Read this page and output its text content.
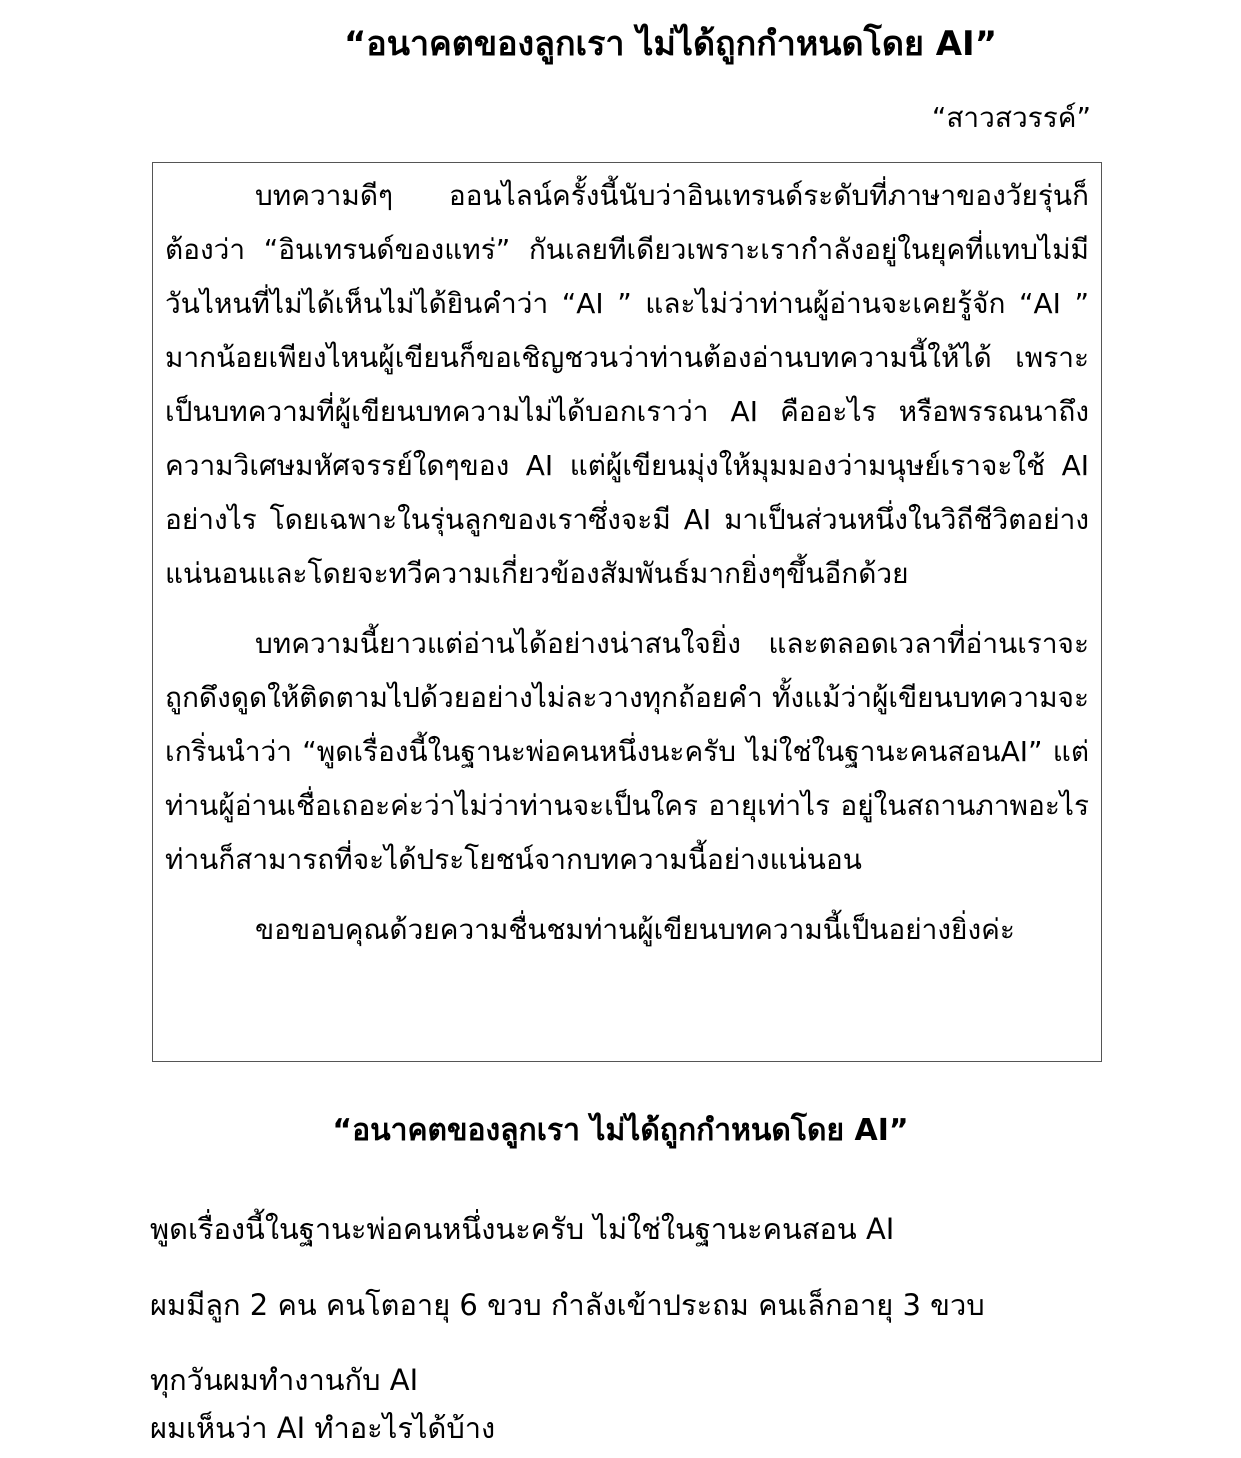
“อนาคตของลูกเรา ไม่ได้ถูกกำหนดโดย AI”
“สาวสวรรค์”

บทความดีๆ ออนไลน์ครั้งนี้นับว่าอินเทรนด์ระดับที่ภาษาของวัยรุ่นก็ต้องว่า “อินเทรนด์ของแทร่” กันเลยทีเดียวเพราะเรากำลังอยู่ในยุคที่แทบไม่มีวันไหนที่ไม่ได้เห็นไม่ได้ยินคำว่า “AI ” และไม่ว่าท่านผู้อ่านจะเคยรู้จัก “AI ” มากน้อยเพียงไหนผู้เขียนก็ขอเชิญชวนว่าท่านต้องอ่านบทความนี้ให้ได้ เพราะเป็นบทความที่ผู้เขียนบทความไม่ได้บอกเราว่า AI คืออะไร หรือพรรณนาถึงความวิเศษมหัศจรรย์ใดๆของ AI แต่ผู้เขียนมุ่งให้มุมมองว่ามนุษย์เราจะใช้ AI อย่างไร โดยเฉพาะในรุ่นลูกของเราซึ่งจะมี AI มาเป็นส่วนหนึ่งในวิถีชีวิตอย่างแน่นอนและโดยจะทวีความเกี่ยวข้องสัมพันธ์มากยิ่งๆขึ้นอีกด้วย

บทความนี้ยาวแต่อ่านได้อย่างน่าสนใจยิ่ง และตลอดเวลาที่อ่านเราจะถูกดึงดูดให้ติดตามไปด้วยอย่างไม่ละวางทุกถ้อยคำ ทั้งแม้ว่าผู้เขียนบทความจะเกริ่นนำว่า “พูดเรื่องนี้ในฐานะพ่อคนหนึ่งนะครับ ไม่ใช่ในฐานะคนสอนAI” แต่ท่านผู้อ่านเชื่อเถอะค่ะว่าไม่ว่าท่านจะเป็นใคร อายุเท่าไร อยู่ในสถานภาพอะไร ท่านก็สามารถที่จะได้ประโยชน์จากบทความนี้อย่างแน่นอน

ขอขอบคุณด้วยความชื่นชมท่านผู้เขียนบทความนี้เป็นอย่างยิ่งค่ะ

“อนาคตของลูกเรา ไม่ได้ถูกกำหนดโดย AI”
พูดเรื่องนี้ในฐานะพ่อคนหนึ่งนะครับ ไม่ใช่ในฐานะคนสอน AI
ผมมีลูก 2 คน คนโตอายุ 6 ขวบ กำลังเข้าประถม คนเล็กอายุ 3 ขวบ
ทุกวันผมทำงานกับ AI
ผมเห็นว่า AI ทำอะไรได้บ้าง
